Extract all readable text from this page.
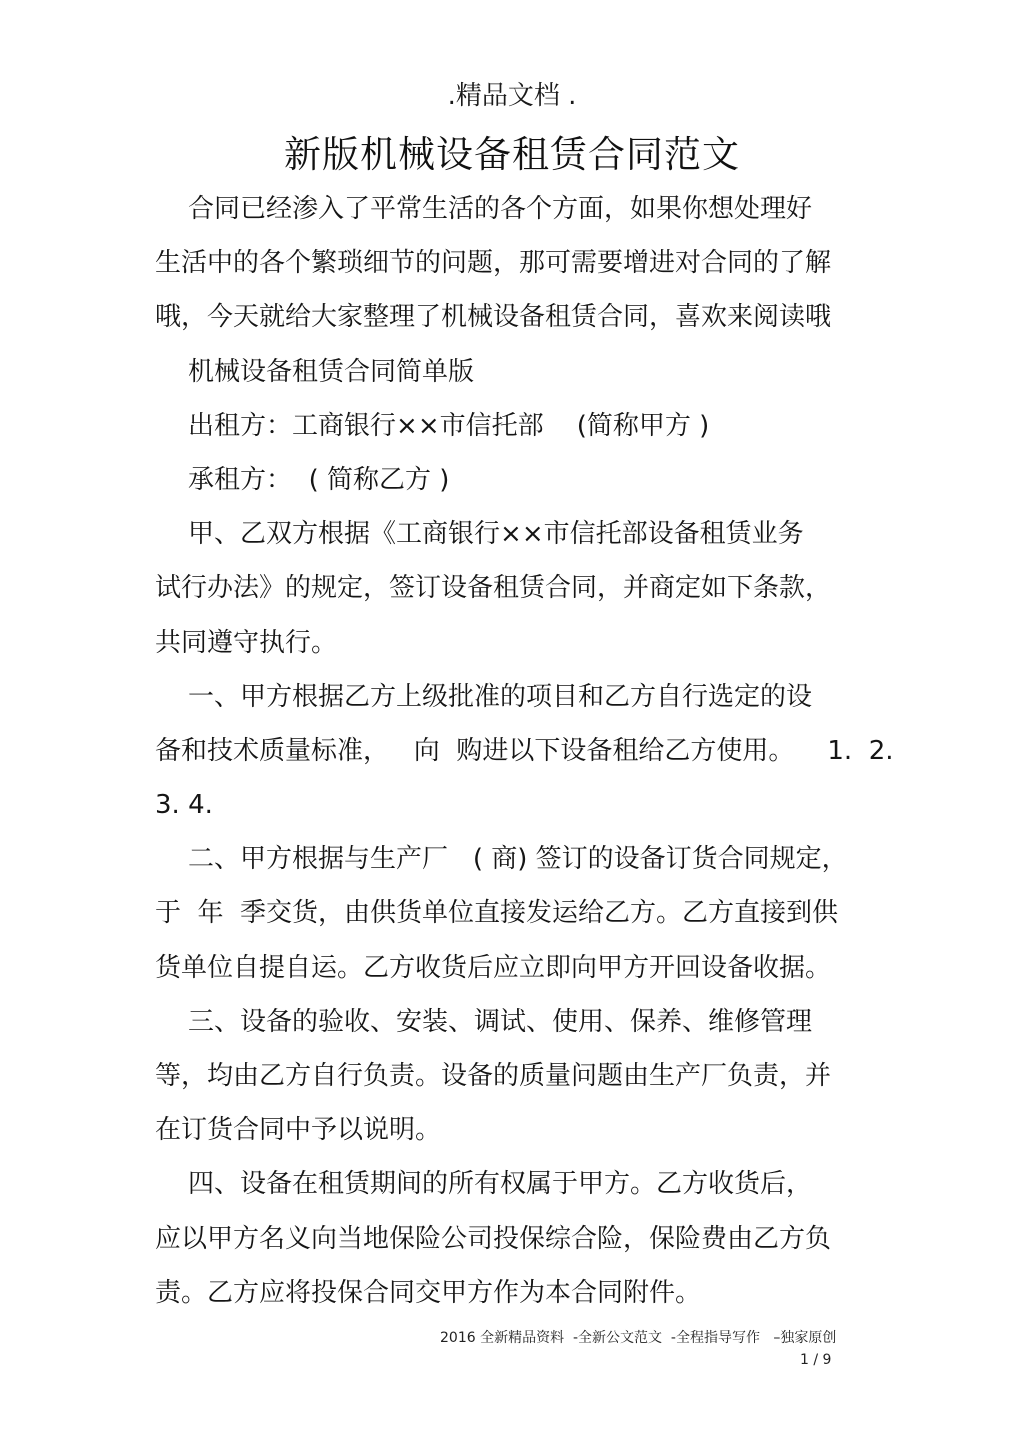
.精品文档 .
新版机械设备租赁合同范文
合同已经渗入了平常生活的各个方面，如果你想处理好
生活中的各个繁琐细节的问题，那可需要增进对合同的了解
哦，今天就给大家整理了机械设备租赁合同，喜欢来阅读哦
机械设备租赁合同简单版
出租方：工商银行××市信托部    (简称甲方 )
承租方：  ( 简称乙方 )
甲、乙双方根据《工商银行××市信托部设备租赁业务
试行办法》的规定，签订设备租赁合同，并商定如下条款，
共同遵守执行。
一、甲方根据乙方上级批准的项目和乙方自行选定的设
备和技术质量标准，   向  购进以下设备租给乙方使用。    1.  2.
3. 4.
二、甲方根据与生产厂   ( 商) 签订的设备订货合同规定，
于  年  季交货，由供货单位直接发运给乙方。乙方直接到供
货单位自提自运。乙方收货后应立即向甲方开回设备收据。
三、设备的验收、安装、调试、使用、保养、维修管理
等，均由乙方自行负责。设备的质量问题由生产厂负责，并
在订货合同中予以说明。
四、设备在租赁期间的所有权属于甲方。乙方收货后，
应以甲方名义向当地保险公司投保综合险，保险费由乙方负
责。乙方应将投保合同交甲方作为本合同附件。
2016 全新精品资料  -全新公文范文  -全程指导写作   –独家原创
1 / 9
